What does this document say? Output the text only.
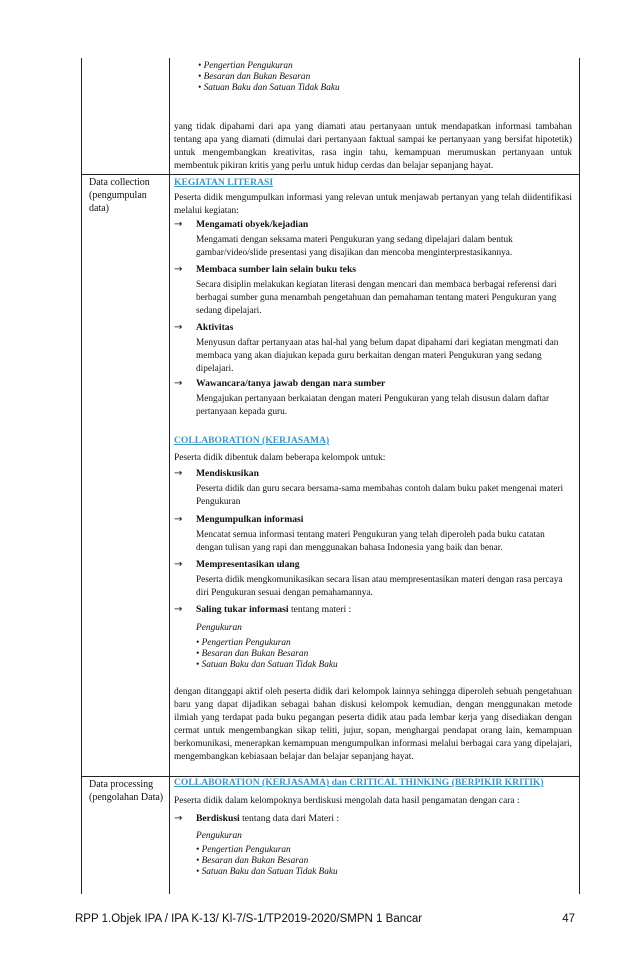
Data collection (pengumpulan data)
Data processing (pengolahan Data)
• Pengertian Pengukuran
• Besaran dan Bukan Besaran
• Satuan Baku dan Satuan Tidak Baku
yang tidak dipahami dari apa yang diamati atau pertanyaan untuk mendapatkan informasi tambahan tentang apa yang diamati (dimulai dari pertanyaan faktual sampai ke pertanyaan yang bersifat hipotetik) untuk mengembangkan kreativitas, rasa ingin tahu, kemampuan merumuskan pertanyaan untuk membentuk pikiran kritis yang perlu untuk hidup cerdas dan belajar sepanjang hayat.
KEGIATAN LITERASI
Peserta didik mengumpulkan informasi yang relevan untuk menjawab pertanyan yang telah diidentifikasi melalui kegiatan:
→ Mengamati obyek/kejadian
Mengamati dengan seksama materi Pengukuran yang sedang dipelajari dalam bentuk gambar/video/slide presentasi yang disajikan dan mencoba menginterprestasikannya.
→ Membaca sumber lain selain buku teks
Secara disiplin melakukan kegiatan literasi dengan mencari dan membaca berbagai referensi dari berbagai sumber guna menambah pengetahuan dan pemahaman tentang materi Pengukuran yang sedang dipelajari.
→ Aktivitas
Menyusun daftar pertanyaan atas hal-hal yang belum dapat dipahami dari kegiatan mengmati dan membaca yang akan diajukan kepada guru berkaitan dengan materi Pengukuran yang sedang dipelajari.
→ Wawancara/tanya jawab dengan nara sumber
Mengajukan pertanyaan berkaiatan dengan materi Pengukuran yang telah disusun dalam daftar pertanyaan kepada guru.
COLLABORATION (KERJASAMA)
Peserta didik dibentuk dalam beberapa kelompok untuk:
→ Mendiskusikan
Peserta didik dan guru secara bersama-sama membahas contoh dalam buku paket mengenai materi Pengukuran
→ Mengumpulkan informasi
Mencatat semua informasi tentang materi Pengukuran yang telah diperoleh pada buku catatan dengan tulisan yang rapi dan menggunakan bahasa Indonesia yang baik dan benar.
→ Mempresentasikan ulang
Peserta didik mengkomunikasikan secara lisan atau mempresentasikan materi dengan rasa percaya diri Pengukuran sesuai dengan pemahamannya.
→ Saling tukar informasi tentang materi :
Pengukuran
• Pengertian Pengukuran
• Besaran dan Bukan Besaran
• Satuan Baku dan Satuan Tidak Baku
dengan ditanggapi aktif oleh peserta didik dari kelompok lainnya sehingga diperoleh sebuah pengetahuan baru yang dapat dijadikan sebagai bahan diskusi kelompok kemudian, dengan menggunakan metode ilmiah yang terdapat pada buku pegangan peserta didik atau pada lembar kerja yang disediakan dengan cermat untuk mengembangkan sikap teliti, jujur, sopan, menghargai pendapat orang lain, kemampuan berkomunikasi, menerapkan kemampuan mengumpulkan informasi melalui berbagai cara yang dipelajari, mengembangkan kebiasaan belajar dan belajar sepanjang hayat.
COLLABORATION (KERJASAMA) dan CRITICAL THINKING (BERPIKIR KRITIK)
Peserta didik dalam kelompoknya berdiskusi mengolah data hasil pengamatan dengan cara :
→ Berdiskusi tentang data dari Materi :
Pengukuran
• Pengertian Pengukuran
• Besaran dan Bukan Besaran
• Satuan Baku dan Satuan Tidak Baku
RPP 1.Objek IPA / IPA K-13/ Kl-7/S-1/TP2019-2020/SMPN 1 Bancar	47
